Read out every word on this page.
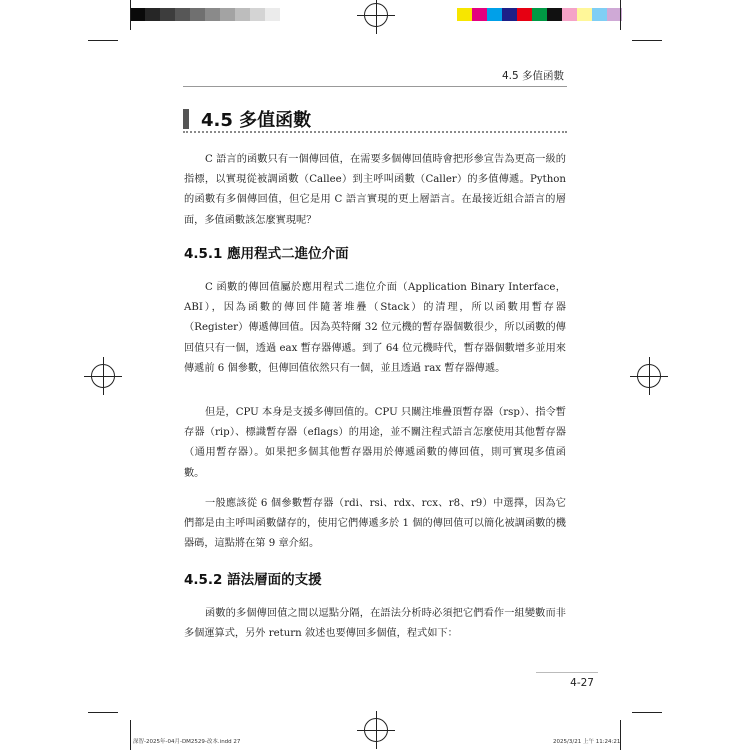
4.5 多值函數
4.5 多值函數

C 語言的函數只有一個傳回值，在需要多個傳回值時會把形參宣告為更高一級的指標，以實現從被調函數（Callee）到主呼叫函數（Caller）的多值傳遞。Python 的函數有多個傳回值，但它是用 C 語言實現的更上層語言。在最接近組合語言的層面，多值函數該怎麼實現呢？

4.5.1 應用程式二進位介面

C 函數的傳回值屬於應用程式二進位介面（Application Binary Interface，ABI），因為函數的傳回伴隨著堆疊（Stack）的清理，所以函數用暫存器（Register）傳遞傳回值。因為英特爾 32 位元機的暫存器個數很少，所以函數的傳回值只有一個，透過 eax 暫存器傳遞。到了 64 位元機時代，暫存器個數增多並用來傳遞前 6 個參數，但傳回值依然只有一個，並且透過 rax 暫存器傳遞。

但是，CPU 本身是支援多傳回值的。CPU 只關注堆疊頂暫存器（rsp）、指令暫存器（rip）、標識暫存器（eflags）的用途，並不關注程式語言怎麼使用其他暫存器（通用暫存器）。如果把多個其他暫存器用於傳遞函數的傳回值，則可實現多值函數。

一般應該從 6 個參數暫存器（rdi、rsi、rdx、rcx、r8、r9）中選擇，因為它們都是由主呼叫函數儲存的，使用它們傳遞多於 1 個的傳回值可以簡化被調函數的機器碼，這點將在第 9 章介紹。

4.5.2 語法層面的支援

函數的多個傳回值之間以逗點分隔，在語法分析時必須把它們看作一組變數而非多個運算式，另外 return 敘述也要傳回多個值，程式如下：

4-27
深智-2025年-04月-DM2529-改本.indd 27	2025/3/21 上午 11:24:21
